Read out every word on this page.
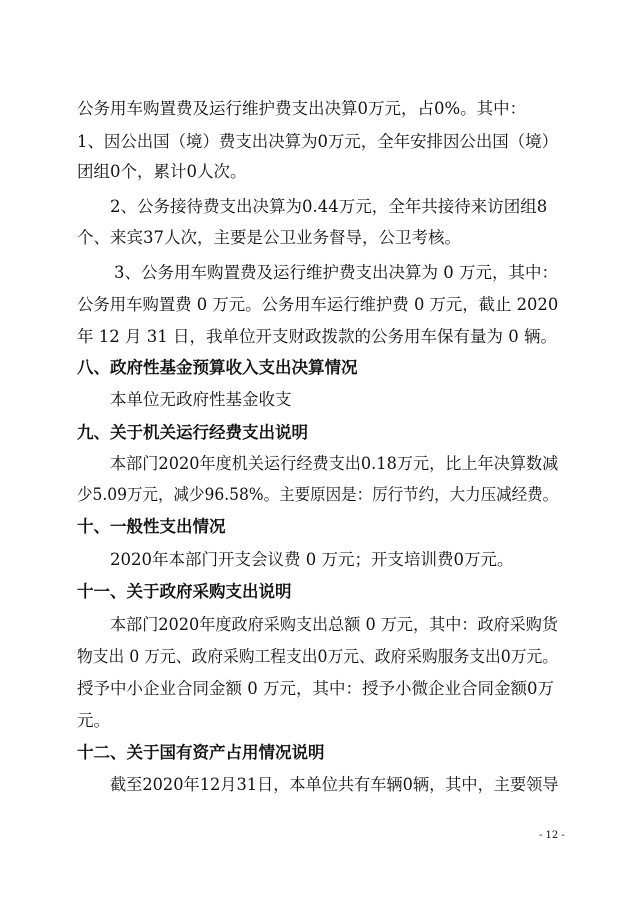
公务用车购置费及运行维护费支出决算0万元，占0%。其中：
1、因公出国（境）费支出决算为0万元，全年安排因公出国（境）
团组0个，累计0人次。
2、公务接待费支出决算为0.44万元，全年共接待来访团组8
个、来宾37人次，主要是公卫业务督导，公卫考核。
3、公务用车购置费及运行维护费支出决算为 0 万元，其中：
公务用车购置费 0 万元。公务用车运行维护费 0 万元，截止 2020
年 12 月 31 日，我单位开支财政拨款的公务用车保有量为 0 辆。
八、政府性基金预算收入支出决算情况
本单位无政府性基金收支
九、关于机关运行经费支出说明
本部门2020年度机关运行经费支出0.18万元，比上年决算数减
少5.09万元，减少96.58%。主要原因是：厉行节约，大力压减经费。
十、一般性支出情况
2020年本部门开支会议费 0 万元；开支培训费0万元。
十一、关于政府采购支出说明
本部门2020年度政府采购支出总额 0 万元，其中：政府采购货
物支出 0 万元、政府采购工程支出0万元、政府采购服务支出0万元。
授予中小企业合同金额 0 万元，其中：授予小微企业合同金额0万
元。
十二、关于国有资产占用情况说明
截至2020年12月31日，本单位共有车辆0辆，其中，主要领导
- 12 -
